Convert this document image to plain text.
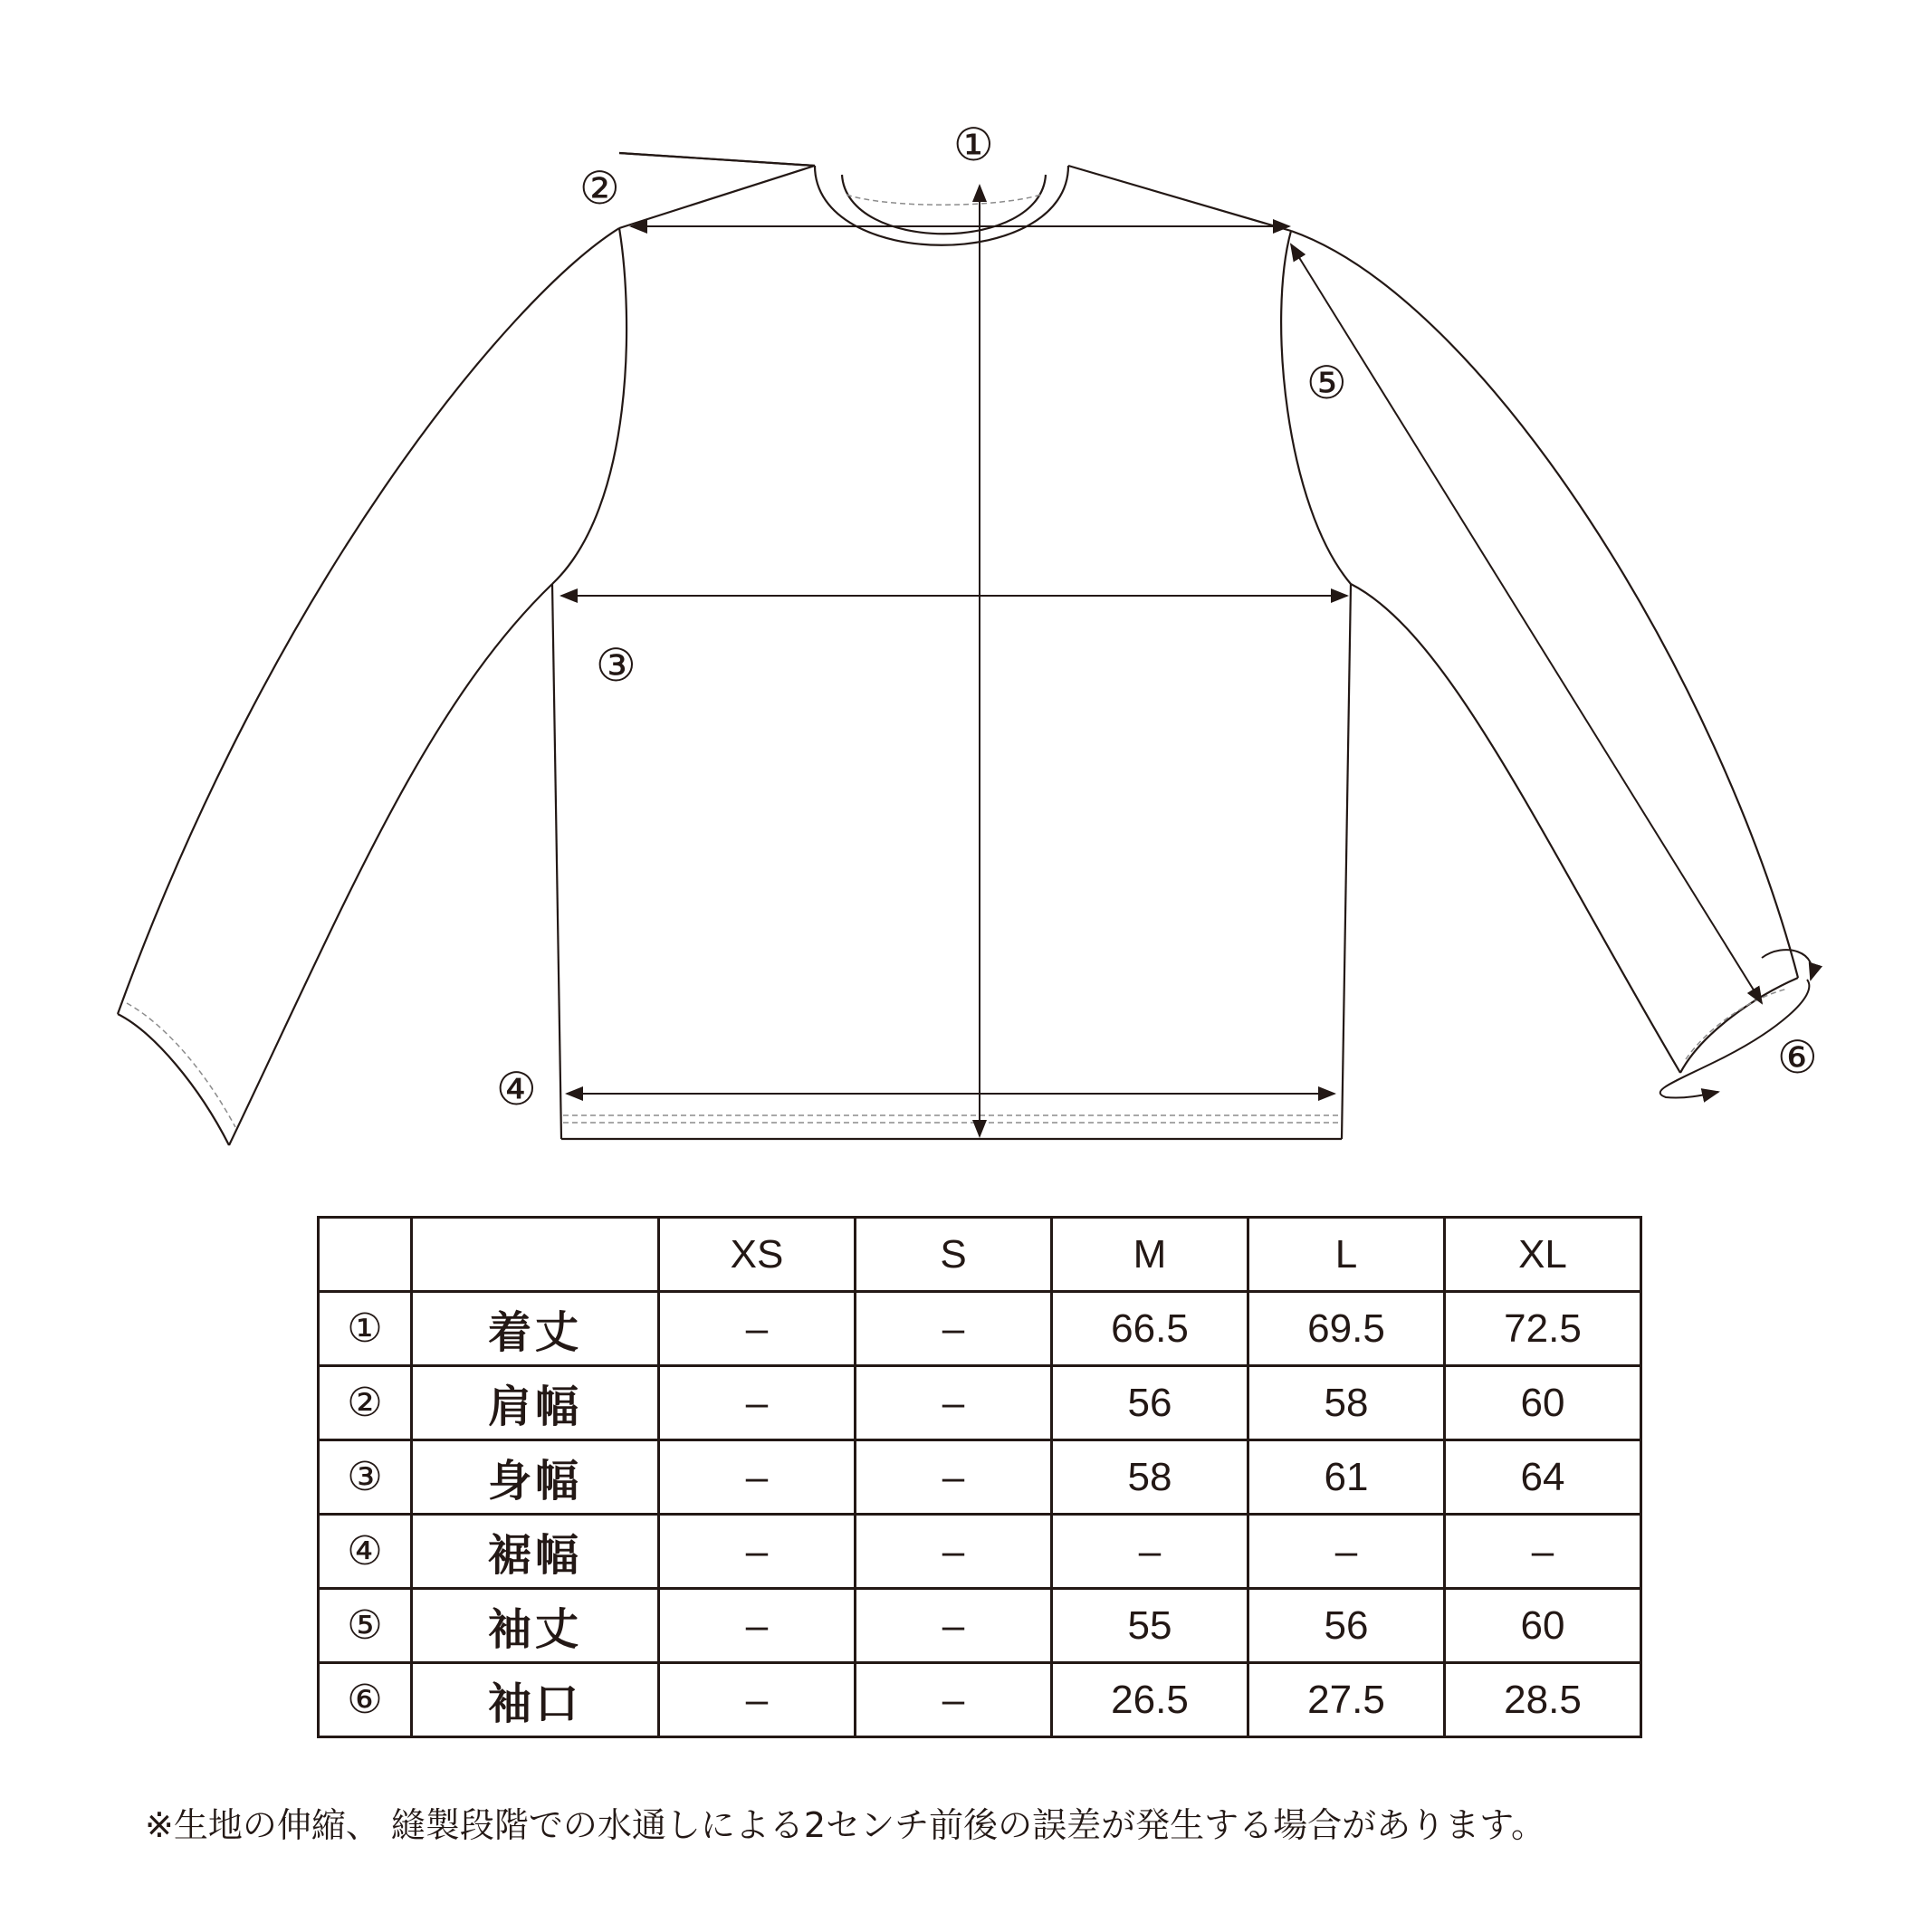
①
②
③
④
⑤
⑥
		XS	S	M	L	XL
①	着丈	–	–	66.5	69.5	72.5
②	肩幅	–	–	56	58	60
③	身幅	–	–	58	61	64
④	裾幅	–	–	–	–	–
⑤	袖丈	–	–	55	56	60
⑥	袖口	–	–	26.5	27.5	28.5
※生地の伸縮、 縫製段階での水通しによる2センチ前後の誤差が発生する場合があります。
